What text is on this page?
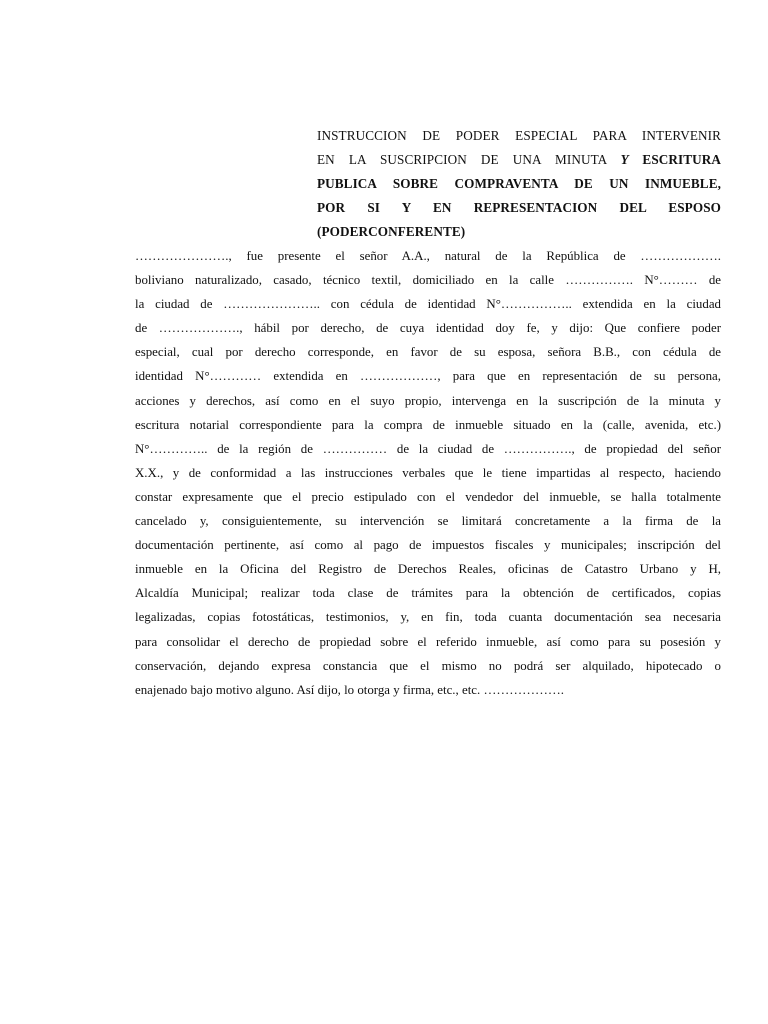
INSTRUCCION DE PODER ESPECIAL PARA INTERVENIR
EN LA SUSCRIPCION DE UNA MINUTA Y ESCRITURA
PUBLICA SOBRE COMPRAVENTA DE UN INMUEBLE,
POR SI Y EN REPRESENTACION DEL ESPOSO
(PODERCONFERENTE)
…………………., fue presente el señor A.A., natural de la República de ……………….
boliviano naturalizado, casado, técnico textil, domiciliado en la calle ……………. N°……… de
la ciudad de ………………….. con cédula de identidad N°…………….. extendida en la ciudad
de ………………., hábil por derecho, de cuya identidad doy fe, y dijo: Que confiere poder
especial, cual por derecho corresponde, en favor de su esposa, señora B.B., con cédula de
identidad N°………… extendida en ………………, para que en representación de su persona,
acciones y derechos, así como en el suyo propio, intervenga en la suscripción de la minuta y
escritura notarial correspondiente para la compra de inmueble situado en la (calle, avenida, etc.)
N°………….. de la región de …………… de la ciudad de ……………., de propiedad del señor
X.X., y de conformidad a las instrucciones verbales que le tiene impartidas al respecto, haciendo
constar expresamente que el precio estipulado con el vendedor del inmueble, se halla totalmente
cancelado y, consiguientemente, su intervención se limitará concretamente a la firma de la
documentación pertinente, así como al pago de impuestos fiscales y municipales; inscripción del
inmueble en la Oficina del Registro de Derechos Reales, oficinas de Catastro Urbano y H,
Alcaldía Municipal; realizar toda clase de trámites para la obtención de certificados, copias
legalizadas, copias fotostáticas, testimonios, y, en fin, toda cuanta documentación sea necesaria
para consolidar el derecho de propiedad sobre el referido inmueble, así como para su posesión y
conservación, dejando expresa constancia que el mismo no podrá ser alquilado, hipotecado o
enajenado bajo motivo alguno. Así dijo, lo otorga y firma, etc., etc. ……………….
